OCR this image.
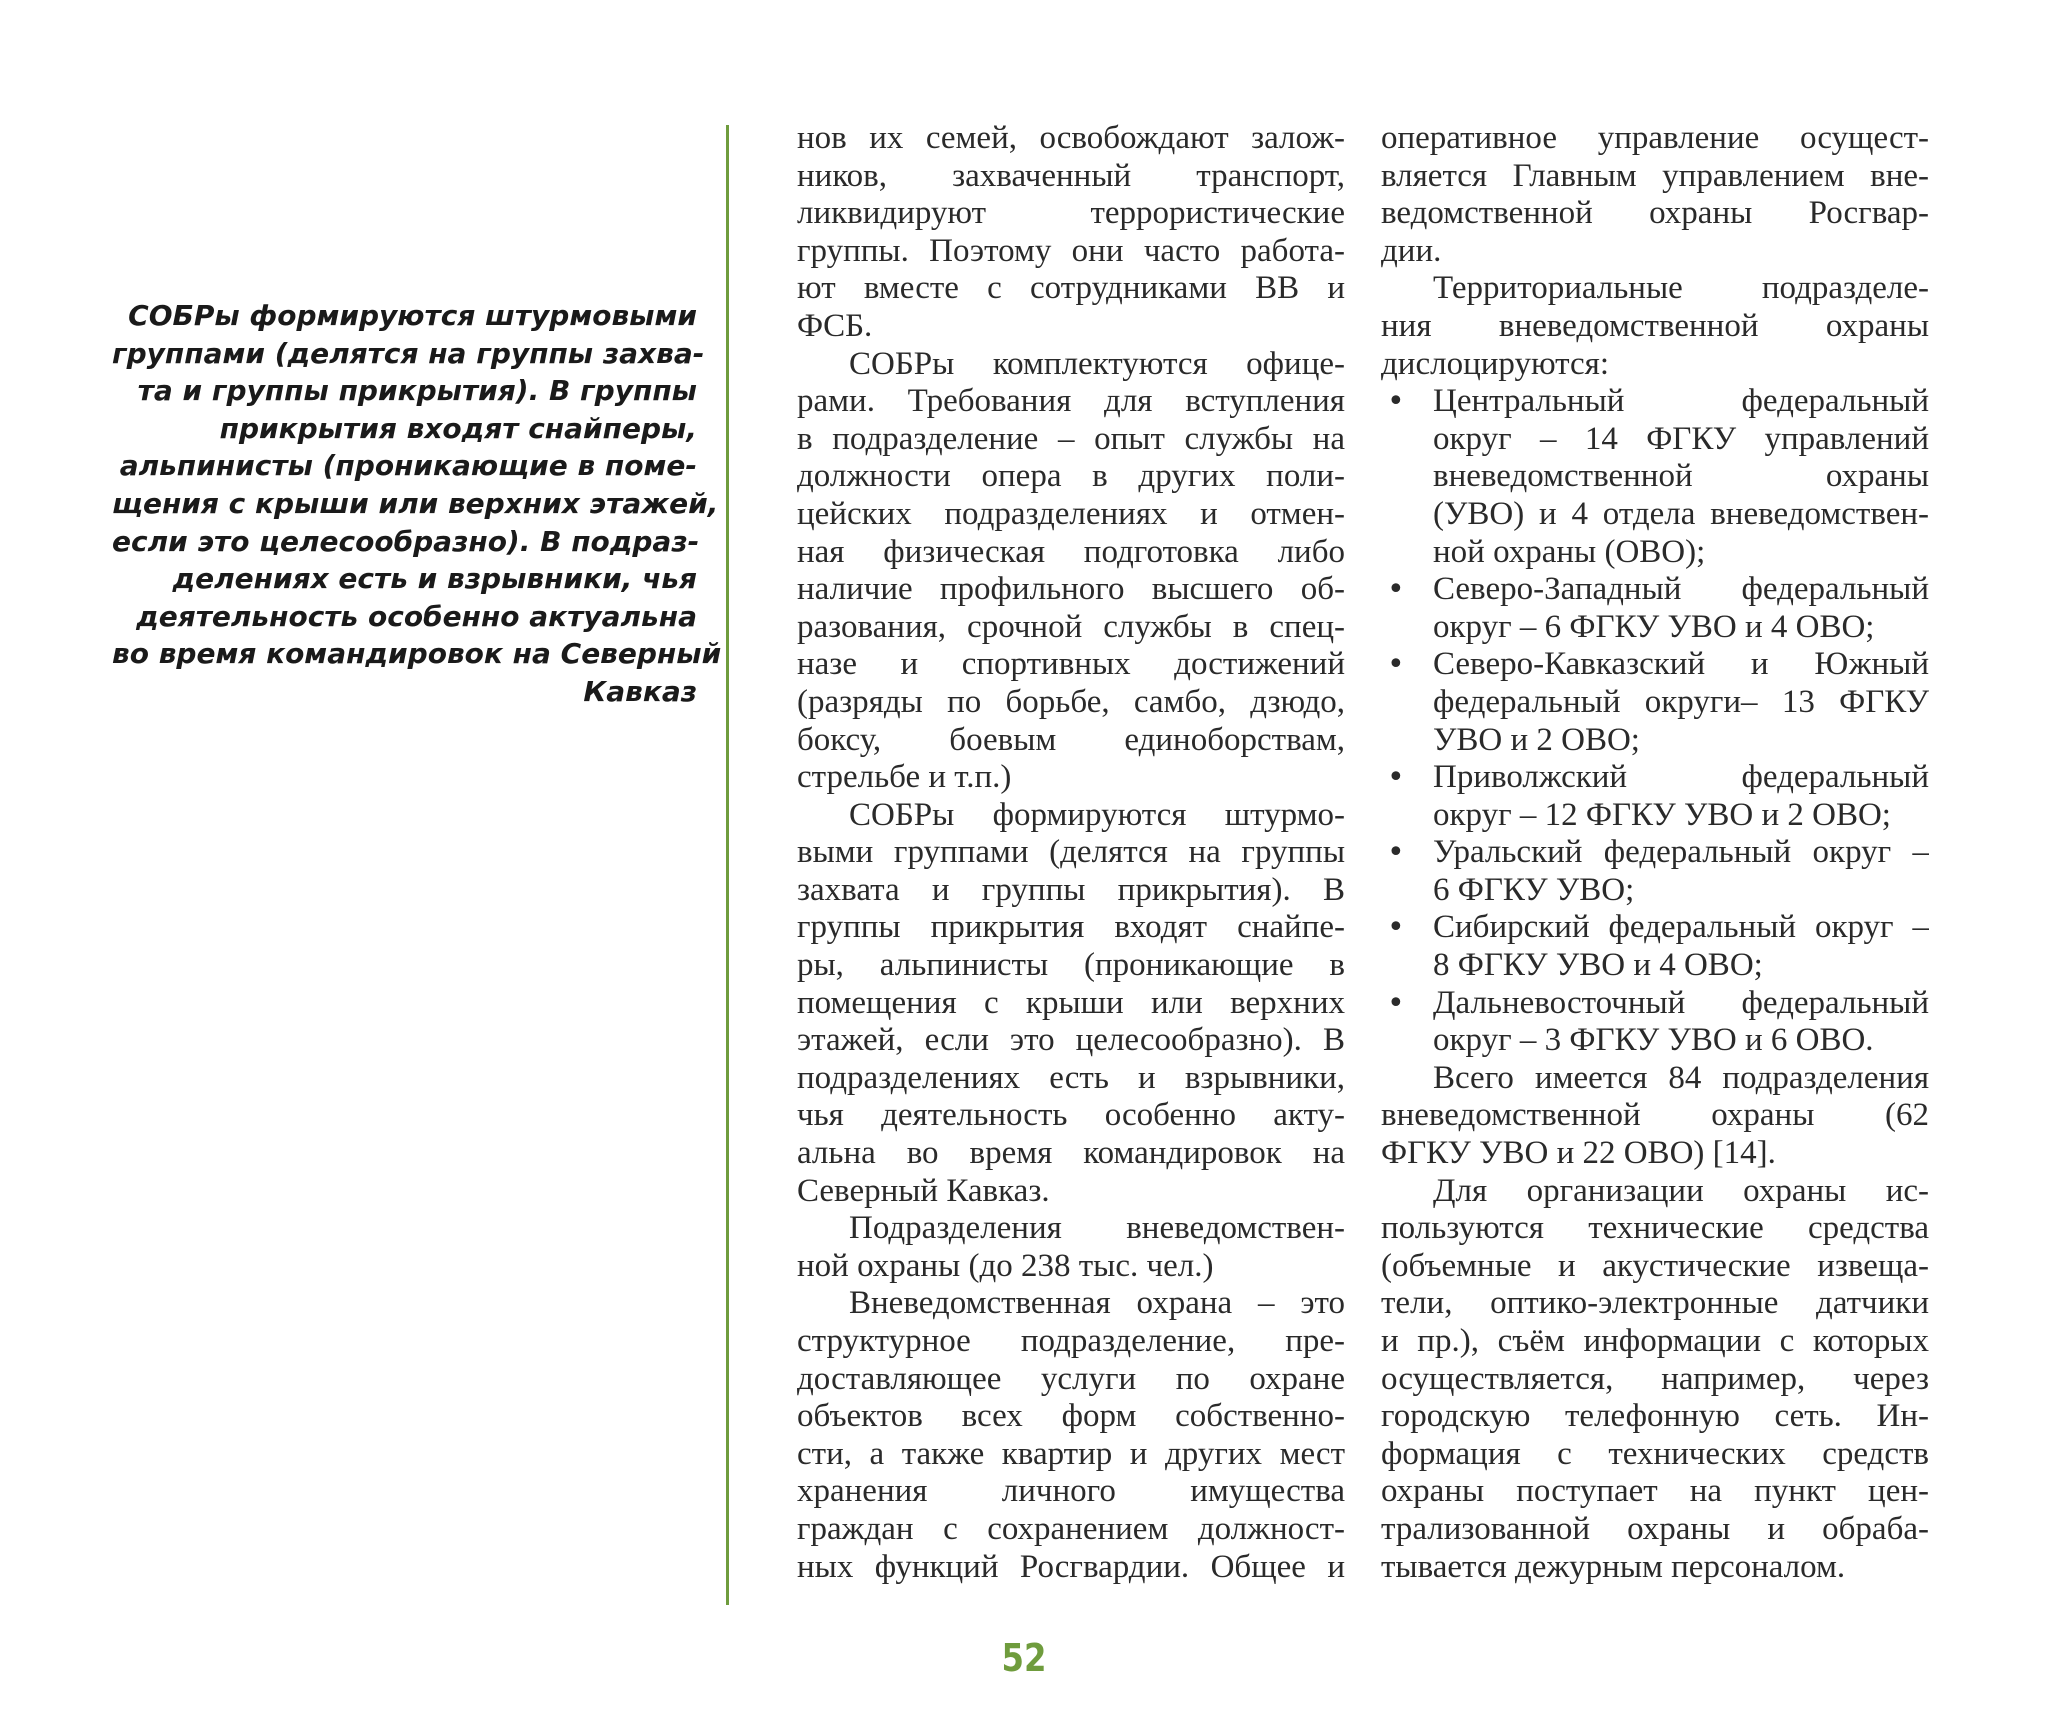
СОБРы формируются штурмовыми
группами (делятся на группы захва-
та и группы прикрытия). В группы
прикрытия входят снайперы,
альпинисты (проникающие в поме-
щения с крыши или верхних этажей,
если это целесообразно). В подраз-
делениях есть и взрывники, чья
деятельность особенно актуальна
во время командировок на Северный
Кавказ
нов их семей, освобождают залож-
ников, захваченный транспорт,
ликвидируют террористические
группы. Поэтому они часто работа-
ют вместе с сотрудниками ВВ и
ФСБ.
СОБРы комплектуются офице-
рами. Требования для вступления
в подразделение – опыт службы на
должности опера в других поли-
цейских подразделениях и отмен-
ная физическая подготовка либо
наличие профильного высшего об-
разования, срочной службы в спец-
назе и спортивных достижений
(разряды по борьбе, самбо, дзюдо,
боксу, боевым единоборствам,
стрельбе и т.п.)
СОБРы формируются штурмо-
выми группами (делятся на группы
захвата и группы прикрытия). В
группы прикрытия входят снайпе-
ры, альпинисты (проникающие в
помещения с крыши или верхних
этажей, если это целесообразно). В
подразделениях есть и взрывники,
чья деятельность особенно акту-
альна во время командировок на
Северный Кавказ.
Подразделения вневедомствен-
ной охраны (до 238 тыс. чел.)
Вневедомственная охрана – это
структурное подразделение, пре-
доставляющее услуги по охране
объектов всех форм собственно-
сти, а также квартир и других мест
хранения личного имущества
граждан с сохранением должност-
ных функций Росгвардии. Общее и
оперативное управление осущест-
вляется Главным управлением вне-
ведомственной охраны Росгвар-
дии.
Территориальные подразделе-
ния вневедомственной охраны
дислоцируются:
• Центральный федеральный
округ – 14 ФГКУ управлений
вневедомственной охраны
(УВО) и 4 отдела вневедомствен-
ной охраны (ОВО);
• Северо-Западный федеральный
округ – 6 ФГКУ УВО и 4 ОВО;
• Северо-Кавказский и Южный
федеральный округи– 13 ФГКУ
УВО и 2 ОВО;
• Приволжский федеральный
округ – 12 ФГКУ УВО и 2 ОВО;
• Уральский федеральный округ –
6 ФГКУ УВО;
• Сибирский федеральный округ –
8 ФГКУ УВО и 4 ОВО;
• Дальневосточный федеральный
округ – 3 ФГКУ УВО и 6 ОВО.
Всего имеется 84 подразделения
вневедомственной охраны (62
ФГКУ УВО и 22 ОВО) [14].
Для организации охраны ис-
пользуются технические средства
(объемные и акустические извеща-
тели, оптико-электронные датчики
и пр.), съём информации с которых
осуществляется, например, через
городскую телефонную сеть. Ин-
формация с технических средств
охраны поступает на пункт цен-
трализованной охраны и обраба-
тывается дежурным персоналом.
52
